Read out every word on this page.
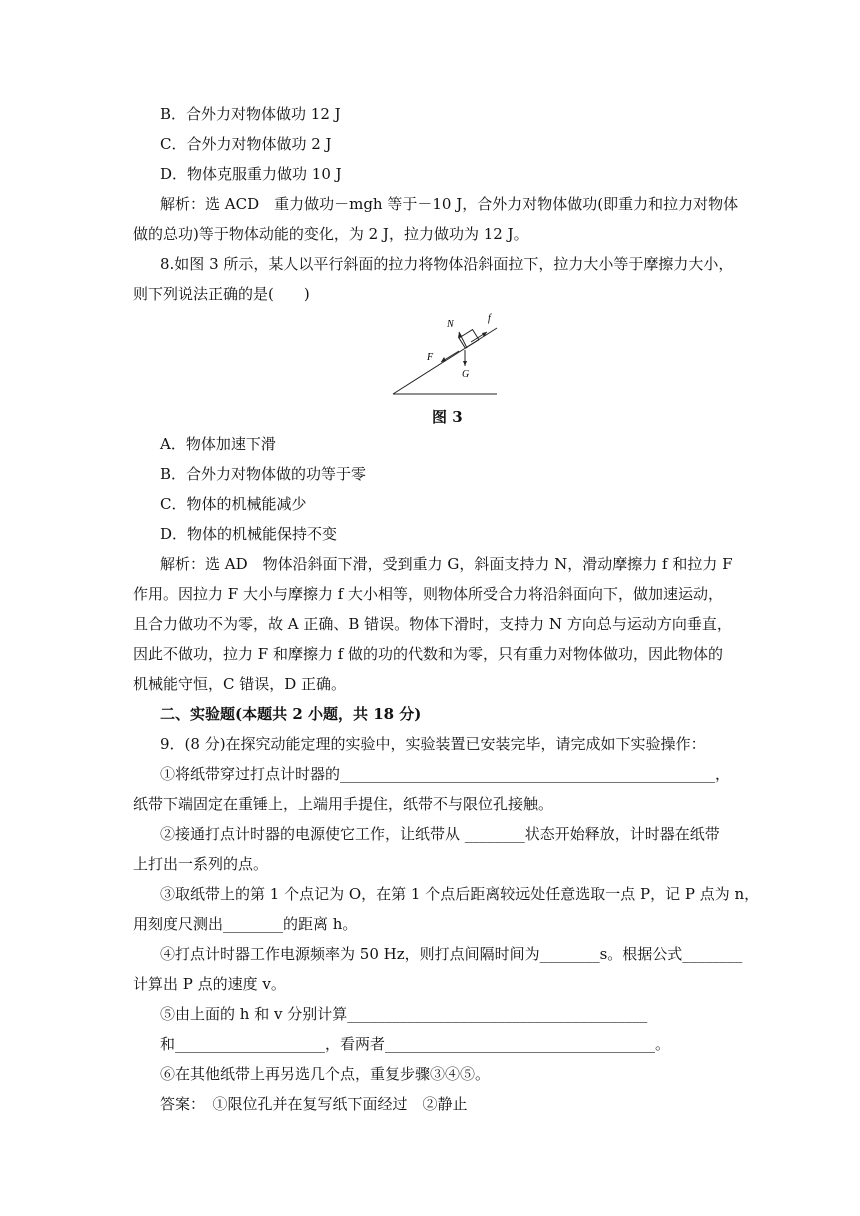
B．合外力对物体做功 12 J
C．合外力对物体做功 2 J
D．物体克服重力做功 10 J
解析：选 ACD　重力做功－mgh 等于－10 J，合外力对物体做功(即重力和拉力对物体
做的总功)等于物体动能的变化，为 2 J，拉力做功为 12 J。
8.如图 3 所示，某人以平行斜面的拉力将物体沿斜面拉下，拉力大小等于摩擦力大小，
则下列说法正确的是(　　)
N
f
F
G
图 3
A．物体加速下滑
B．合外力对物体做的功等于零
C．物体的机械能减少
D．物体的机械能保持不变
解析：选 AD　物体沿斜面下滑，受到重力 G，斜面支持力 N，滑动摩擦力 f 和拉力 F
作用。因拉力 F 大小与摩擦力 f 大小相等，则物体所受合力将沿斜面向下，做加速运动，
且合力做功不为零，故 A 正确、B 错误。物体下滑时，支持力 N 方向总与运动方向垂直，
因此不做功，拉力 F 和摩擦力 f 做的功的代数和为零，只有重力对物体做功，因此物体的
机械能守恒，C 错误，D 正确。
二、实验题(本题共 2 小题，共 18 分)
9．(8 分)在探究动能定理的实验中，实验装置已安装完毕，请完成如下实验操作：
①将纸带穿过打点计时器的__________________________________________________，
纸带下端固定在重锤上，上端用手提住，纸带不与限位孔接触。
②接通打点计时器的电源使它工作，让纸带从 ________状态开始释放，计时器在纸带
上打出一系列的点。
③取纸带上的第 1 个点记为 O，在第 1 个点后距离较远处任意选取一点 P，记 P 点为 n，
用刻度尺测出________的距离 h。
④打点计时器工作电源频率为 50 Hz，则打点间隔时间为________s。根据公式________
计算出 P 点的速度 v。
⑤由上面的 h 和 v 分别计算________________________________________
和____________________，看两者____________________________________。
⑥在其他纸带上再另选几个点，重复步骤③④⑤。
答案：　①限位孔并在复写纸下面经过　②静止
